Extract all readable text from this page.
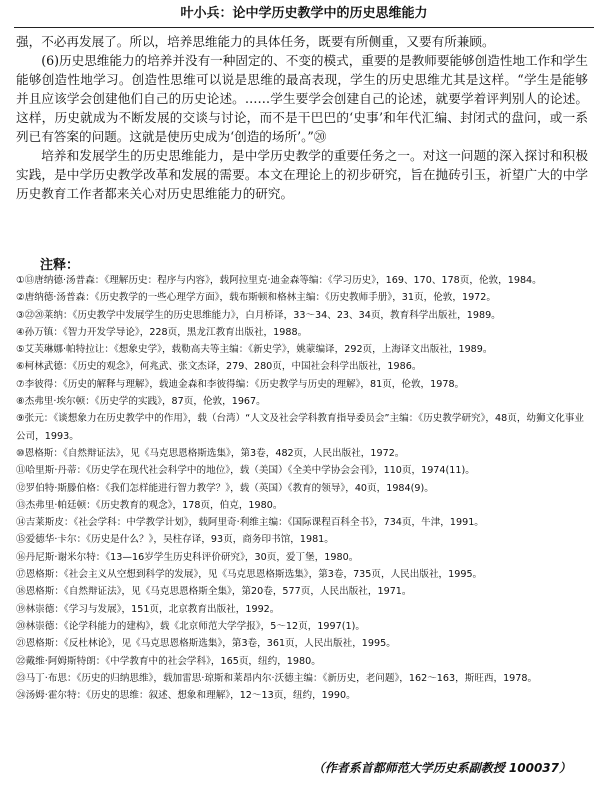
叶小兵：论中学历史教学中的历史思维能力

强，不必再发展了。所以，培养思维能力的具体任务，既要有所侧重，又要有所兼顾。

(6)历史思维能力的培养并没有一种固定的、不变的模式，重要的是教师要能够创造性地工作和学生能够创造性地学习。创造性思维可以说是思维的最高表现，学生的历史思维尤其是这样。“学生是能够并且应该学会创建他们自己的历史论述。……学生要学会创建自己的论述，就要学着评判别人的论述。这样，历史就成为不断发展的交谈与讨论，而不是干巴巴的‘史事’和年代汇编、封闭式的盘问，或一系列已有答案的问题。这就是使历史成为‘创造的场所’。”⑳

培养和发展学生的历史思维能力，是中学历史教学的重要任务之一。对这一问题的深入探讨和积极实践，是中学历史教学改革和发展的需要。本文在理论上的初步研究，旨在抛砖引玉，祈望广大的中学历史教育工作者都来关心对历史思维能力的研究。

注释：
①⑬唐纳德·汤普森：《理解历史：程序与内容》，载阿拉里克·迪金森等编：《学习历史》，169、170、178页，伦敦，1984。
②唐纳德·汤普森：《历史教学的一些心理学方面》，载布斯顿和格林主编：《历史教师手册》，31页，伦敦，1972。
③㉒⑳莱纳：《历史教学中发展学生的历史思维能力》，白月桥译，33～34、23、34页，教育科学出版社，1989。
④孙万镇：《智力开发学导论》，228页，黑龙江教育出版社，1988。
⑤艾芙琳娜·帕特拉让：《想象史学》，载勒高夫等主编：《新史学》，姚蒙编译，292页，上海译文出版社，1989。
⑥柯林武德：《历史的观念》，何兆武、张文杰译，279、280页，中国社会科学出版社，1986。
⑦李彼得：《历史的解释与理解》，载迪金森和李彼得编：《历史教学与历史的理解》，81页，伦敦，1978。
⑧杰弗里·埃尔顿：《历史学的实践》，87页，伦敦，1967。
⑨张元：《谈想象力在历史教学中的作用》，载（台湾）“人文及社会学科教育指导委员会”主编：《历史教学研究》，48页，幼狮文化事业公司，1993。
⑩恩格斯：《自然辩证法》，见《马克思恩格斯选集》，第3卷，482页，人民出版社，1972。
⑪哈里斯·丹蒂：《历史学在现代社会科学中的地位》，载（美国）《全美中学协会会刊》，110页，1974(11)。
⑫罗伯特·斯滕伯格：《我们怎样能进行智力教学？》，载（英国）《教育的领导》，40页，1984(9)。
⑬杰弗里·帕廷顿：《历史教育的观念》，178页，伯克，1980。
⑭吉莱斯皮：《社会学科：中学教学计划》，载阿里奇·利维主编：《国际课程百科全书》，734页，牛津，1991。
⑮爱德华·卡尔：《历史是什么？》，吴柱存译，93页，商务印书馆，1981。
⑯丹尼斯·谢米尔特：《13—16岁学生历史科评价研究》，30页，爱丁堡，1980。
⑰恩格斯：《社会主义从空想到科学的发展》，见《马克思恩格斯选集》，第3卷，735页，人民出版社，1995。
⑱恩格斯：《自然辩证法》，见《马克思恩格斯全集》，第20卷，577页，人民出版社，1971。
⑲林崇德：《学习与发展》，151页，北京教育出版社，1992。
⑳林崇德：《论学科能力的建构》，载《北京师范大学学报》，5～12页，1997(1)。
㉑恩格斯：《反杜林论》，见《马克思恩格斯选集》，第3卷，361页，人民出版社，1995。
㉒戴维·阿姆斯特朗：《中学教育中的社会学科》，165页，纽约，1980。
㉓马丁·布思：《历史的归纳思维》，载加雷思·琼斯和莱昂内尔·沃德主编：《新历史，老问题》，162～163，斯旺西，1978。
㉔汤姆·霍尔特：《历史的思维：叙述、想象和理解》，12～13页，纽约，1990。
（作者系首都师范大学历史系副教授 100037）
